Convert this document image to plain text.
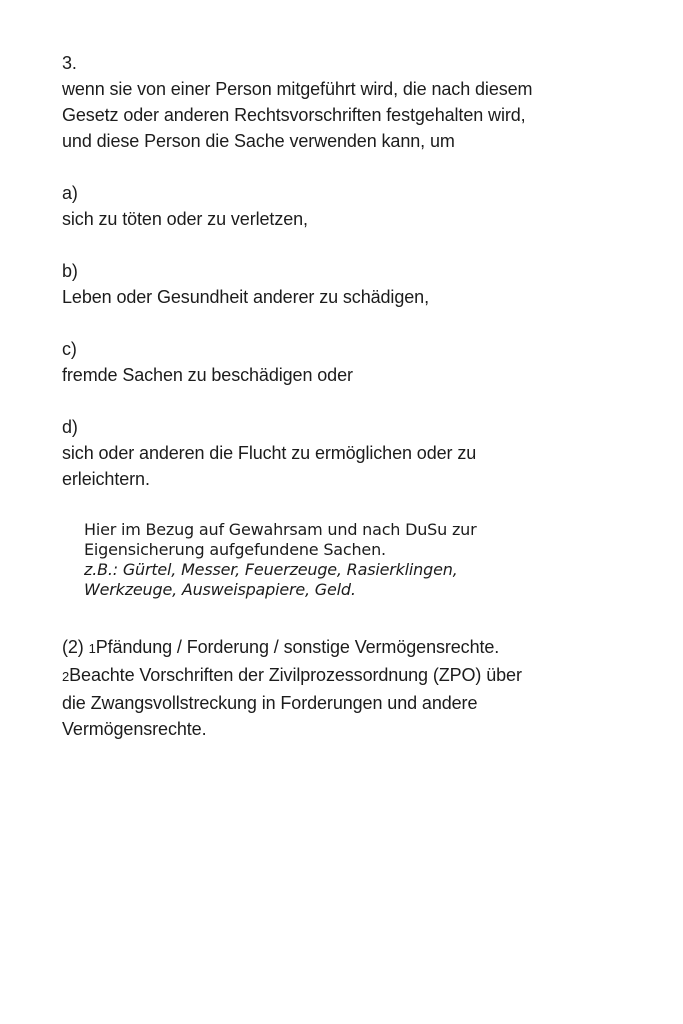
3.
wenn sie von einer Person mitgeführt wird, die nach diesem
Gesetz oder anderen Rechtsvorschriften festgehalten wird,
und diese Person die Sache verwenden kann, um
a)
sich zu töten oder zu verletzen,
b)
Leben oder Gesundheit anderer zu schädigen,
c)
fremde Sachen zu beschädigen oder
d)
sich oder anderen die Flucht zu ermöglichen oder zu
erleichtern.
Hier im Bezug auf Gewahrsam und nach DuSu zur
Eigensicherung aufgefundene Sachen.
z.B.: Gürtel, Messer, Feuerzeuge, Rasierklingen,
Werkzeuge, Ausweispapiere, Geld.
(2) 1Pfändung / Forderung / sonstige Vermögensrechte.
2Beachte Vorschriften der Zivilprozessordnung (ZPO) über
die Zwangsvollstreckung in Forderungen und andere
Vermögensrechte.
